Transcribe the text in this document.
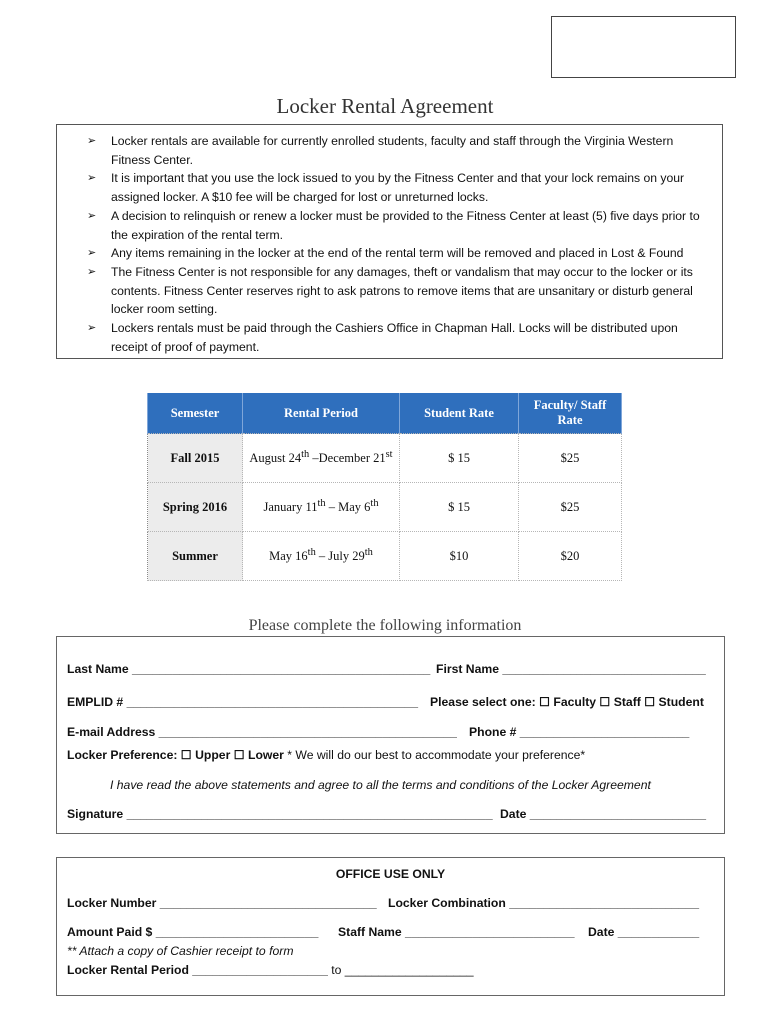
Locker Rental Agreement
➢ Locker rentals are available for currently enrolled students, faculty and staff through the Virginia Western Fitness Center.
➢ It is important that you use the lock issued to you by the Fitness Center and that your lock remains on your assigned locker. A $10 fee will be charged for lost or unreturned locks.
➢ A decision to relinquish or renew a locker must be provided to the Fitness Center at least (5) five days prior to the expiration of the rental term.
➢ Any items remaining in the locker at the end of the rental term will be removed and placed in Lost & Found
➢ The Fitness Center is not responsible for any damages, theft or vandalism that may occur to the locker or its contents. Fitness Center reserves right to ask patrons to remove items that are unsanitary or disturb general locker room setting.
➢ Lockers rentals must be paid through the Cashiers Office in Chapman Hall. Locks will be distributed upon receipt of proof of payment.
Semester	Rental Period	Student Rate	Faculty/ Staff Rate
Fall 2015	August 24th –December 21st	$ 15	$25
Spring 2016	January 11th – May 6th	$ 15	$25
Summer	May 16th – July 29th	$10	$20
Please complete the following information
Last Name ____________________________________________ First Name ______________________________
EMPLID # ___________________________________________ Please select one: ☐ Faculty ☐ Staff ☐ Student
E-mail Address ____________________________________________ Phone # _________________________
Locker Preference: ☐ Upper ☐ Lower * We will do our best to accommodate your preference*
I have read the above statements and agree to all the terms and conditions of the Locker Agreement
Signature ______________________________________________________ Date __________________________
OFFICE USE ONLY
Locker Number ________________________________ Locker Combination ____________________________
Amount Paid $ ________________________ Staff Name _________________________ Date ____________
** Attach a copy of Cashier receipt to form
Locker Rental Period ____________________ to ___________________
